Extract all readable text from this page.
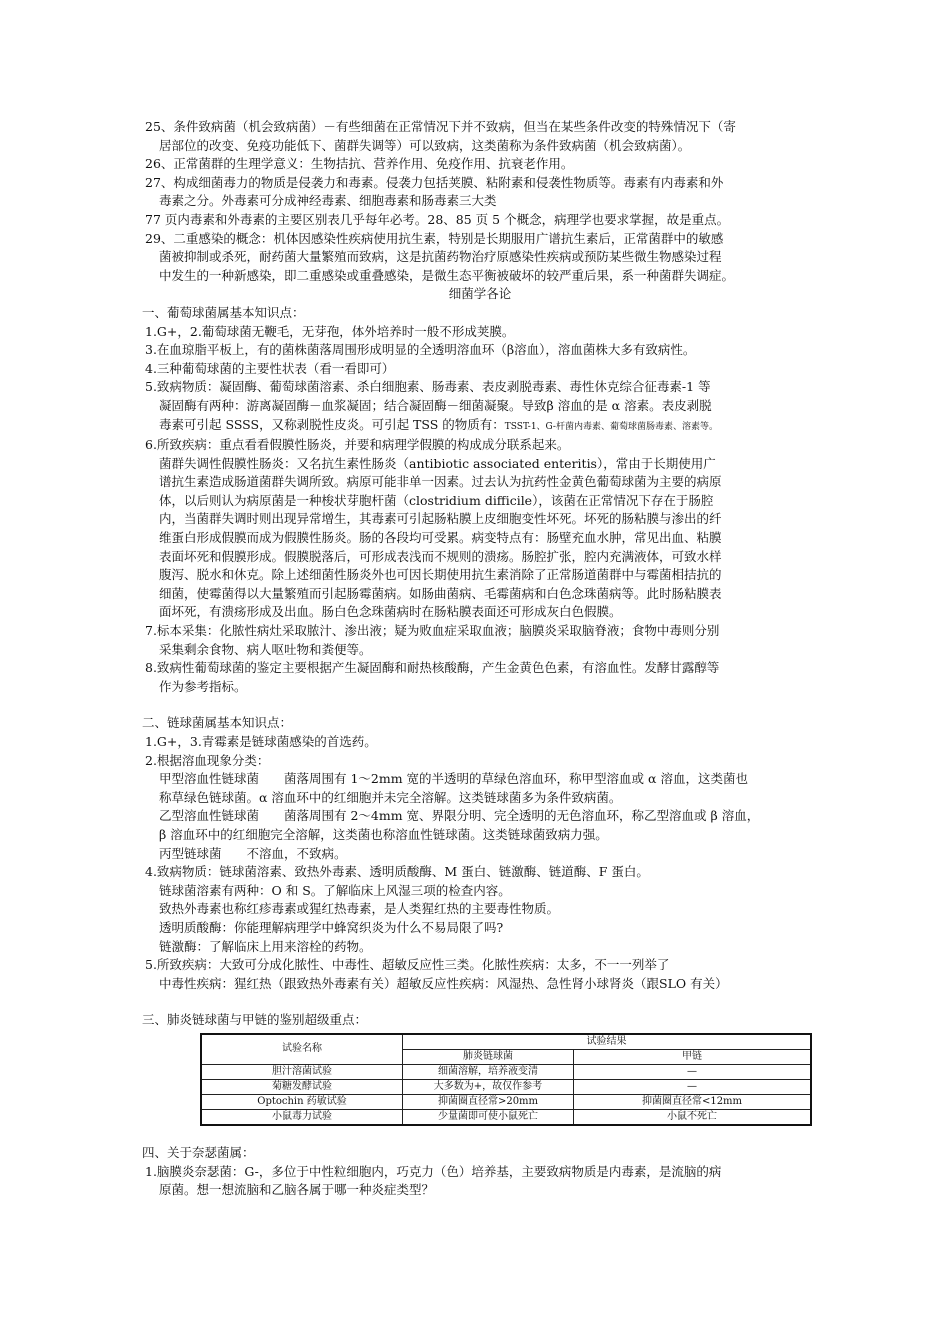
25、条件致病菌（机会致病菌）－有些细菌在正常情况下并不致病，但当在某些条件改变的特殊情况下（寄
居部位的改变、免疫功能低下、菌群失调等）可以致病，这类菌称为条件致病菌（机会致病菌）。
26、正常菌群的生理学意义：生物拮抗、营养作用、免疫作用、抗衰老作用。
27、构成细菌毒力的物质是侵袭力和毒素。侵袭力包括荚膜、粘附素和侵袭性物质等。毒素有内毒素和外
毒素之分。外毒素可分成神经毒素、细胞毒素和肠毒素三大类
77 页内毒素和外毒素的主要区别表几乎每年必考。28、85 页 5 个概念，病理学也要求掌握，故是重点。
29、二重感染的概念：机体因感染性疾病使用抗生素，特别是长期服用广谱抗生素后，正常菌群中的敏感
菌被抑制或杀死，耐药菌大量繁殖而致病，这是抗菌药物治疗原感染性疾病或预防某些微生物感染过程
中发生的一种新感染，即二重感染或重叠感染，是微生态平衡被破坏的较严重后果，系一种菌群失调症。
细菌学各论
一、葡萄球菌属基本知识点：
1.G+，2.葡萄球菌无鞭毛，无芽孢，体外培养时一般不形成荚膜。
3.在血琼脂平板上，有的菌株菌落周围形成明显的全透明溶血环（β溶血），溶血菌株大多有致病性。
4.三种葡萄球菌的主要性状表（看一看即可）
5.致病物质：凝固酶、葡萄球菌溶素、杀白细胞素、肠毒素、表皮剥脱毒素、毒性休克综合征毒素-1 等
凝固酶有两种：游离凝固酶－血浆凝固；结合凝固酶－细菌凝聚。导致β 溶血的是 α 溶素。表皮剥脱
毒素可引起 SSSS，又称剥脱性皮炎。可引起 TSS 的物质有：TSST-1、G-杆菌内毒素、葡萄球菌肠毒素、溶素等。
6.所致疾病：重点看看假膜性肠炎，并要和病理学假膜的构成成分联系起来。
菌群失调性假膜性肠炎：又名抗生素性肠炎（antibiotic associated enteritis），常由于长期使用广
谱抗生素造成肠道菌群失调所致。病原可能非单一因素。过去认为抗药性金黄色葡萄球菌为主要的病原
体，以后则认为病原菌是一种梭状芽胞杆菌（clostridium difficile），该菌在正常情况下存在于肠腔
内，当菌群失调时则出现异常增生，其毒素可引起肠粘膜上皮细胞变性坏死。坏死的肠粘膜与渗出的纤
维蛋白形成假膜而成为假膜性肠炎。肠的各段均可受累。病变特点有：肠壁充血水肿，常见出血、粘膜
表面坏死和假膜形成。假膜脱落后，可形成表浅而不规则的溃疡。肠腔扩张，腔内充满液体，可致水样
腹泻、脱水和休克。除上述细菌性肠炎外也可因长期使用抗生素消除了正常肠道菌群中与霉菌相拮抗的
细菌，使霉菌得以大量繁殖而引起肠霉菌病。如肠曲菌病、毛霉菌病和白色念珠菌病等。此时肠粘膜表
面坏死，有溃疡形成及出血。肠白色念珠菌病时在肠粘膜表面还可形成灰白色假膜。
7.标本采集：化脓性病灶采取脓汁、渗出液；疑为败血症采取血液；脑膜炎采取脑脊液；食物中毒则分别
采集剩余食物、病人呕吐物和粪便等。
8.致病性葡萄球菌的鉴定主要根据产生凝固酶和耐热核酸酶，产生金黄色色素，有溶血性。发酵甘露醇等
作为参考指标。
二、链球菌属基本知识点：
1.G+，3.青霉素是链球菌感染的首选药。
2.根据溶血现象分类：
甲型溶血性链球菌　　菌落周围有 1～2mm 宽的半透明的草绿色溶血环，称甲型溶血或 α 溶血，这类菌也
称草绿色链球菌。α 溶血环中的红细胞并未完全溶解。这类链球菌多为条件致病菌。
乙型溶血性链球菌　　菌落周围有 2～4mm 宽、界限分明、完全透明的无色溶血环，称乙型溶血或 β 溶血，
β 溶血环中的红细胞完全溶解，这类菌也称溶血性链球菌。这类链球菌致病力强。
丙型链球菌　　不溶血，不致病。
4.致病物质：链球菌溶素、致热外毒素、透明质酸酶、M 蛋白、链激酶、链道酶、F 蛋白。
链球菌溶素有两种：O 和 S。了解临床上风湿三项的检查内容。
致热外毒素也称红疹毒素或猩红热毒素，是人类猩红热的主要毒性物质。
透明质酸酶：你能理解病理学中蜂窝织炎为什么不易局限了吗?
链激酶：了解临床上用来溶栓的药物。
5.所致疾病：大致可分成化脓性、中毒性、超敏反应性三类。化脓性疾病：太多，不一一列举了
中毒性疾病：猩红热（跟致热外毒素有关）超敏反应性疾病：风湿热、急性肾小球肾炎（跟SLO 有关）
三、肺炎链球菌与甲链的鉴别超级重点：
试验名称	试验结果	
	肺炎链球菌	甲链
胆汁溶菌试验	细菌溶解，培养液变清	—
菊糖发酵试验	大多数为+，故仅作参考	—
Optochin 药敏试验	抑菌圈直径常>20mm	抑菌圈直径常<12mm
小鼠毒力试验	少量菌即可使小鼠死亡	小鼠不死亡
四、关于奈瑟菌属：
1.脑膜炎奈瑟菌：G-，多位于中性粒细胞内，巧克力（色）培养基，主要致病物质是内毒素，是流脑的病
原菌。想一想流脑和乙脑各属于哪一种炎症类型？
